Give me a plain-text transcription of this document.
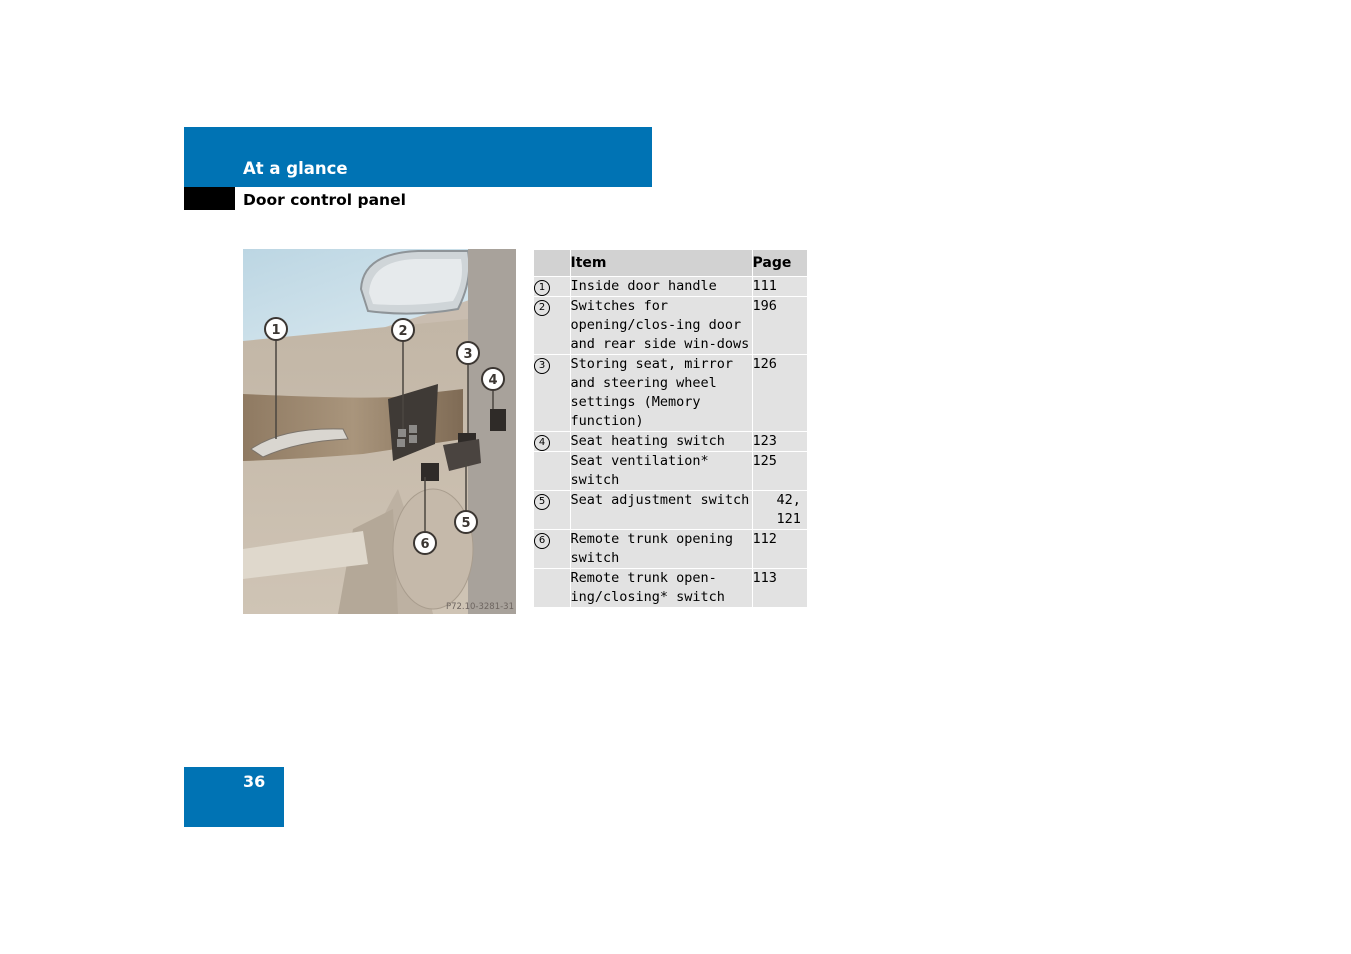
At a glance
Door control panel
1	2
3
4
5
6
P72.10-3281-31
	Item	Page
1	Inside door handle	111
2	Switches for opening/clos-ing door and rear side win-dows	196
3	Storing seat, mirror and steering wheel settings (Memory function)	126
4	Seat heating switch	123
	Seat ventilation* switch	125
5	Seat adjustment switch	42, 121
6	Remote trunk opening switch	112
	Remote trunk open-ing/closing* switch	113
36
